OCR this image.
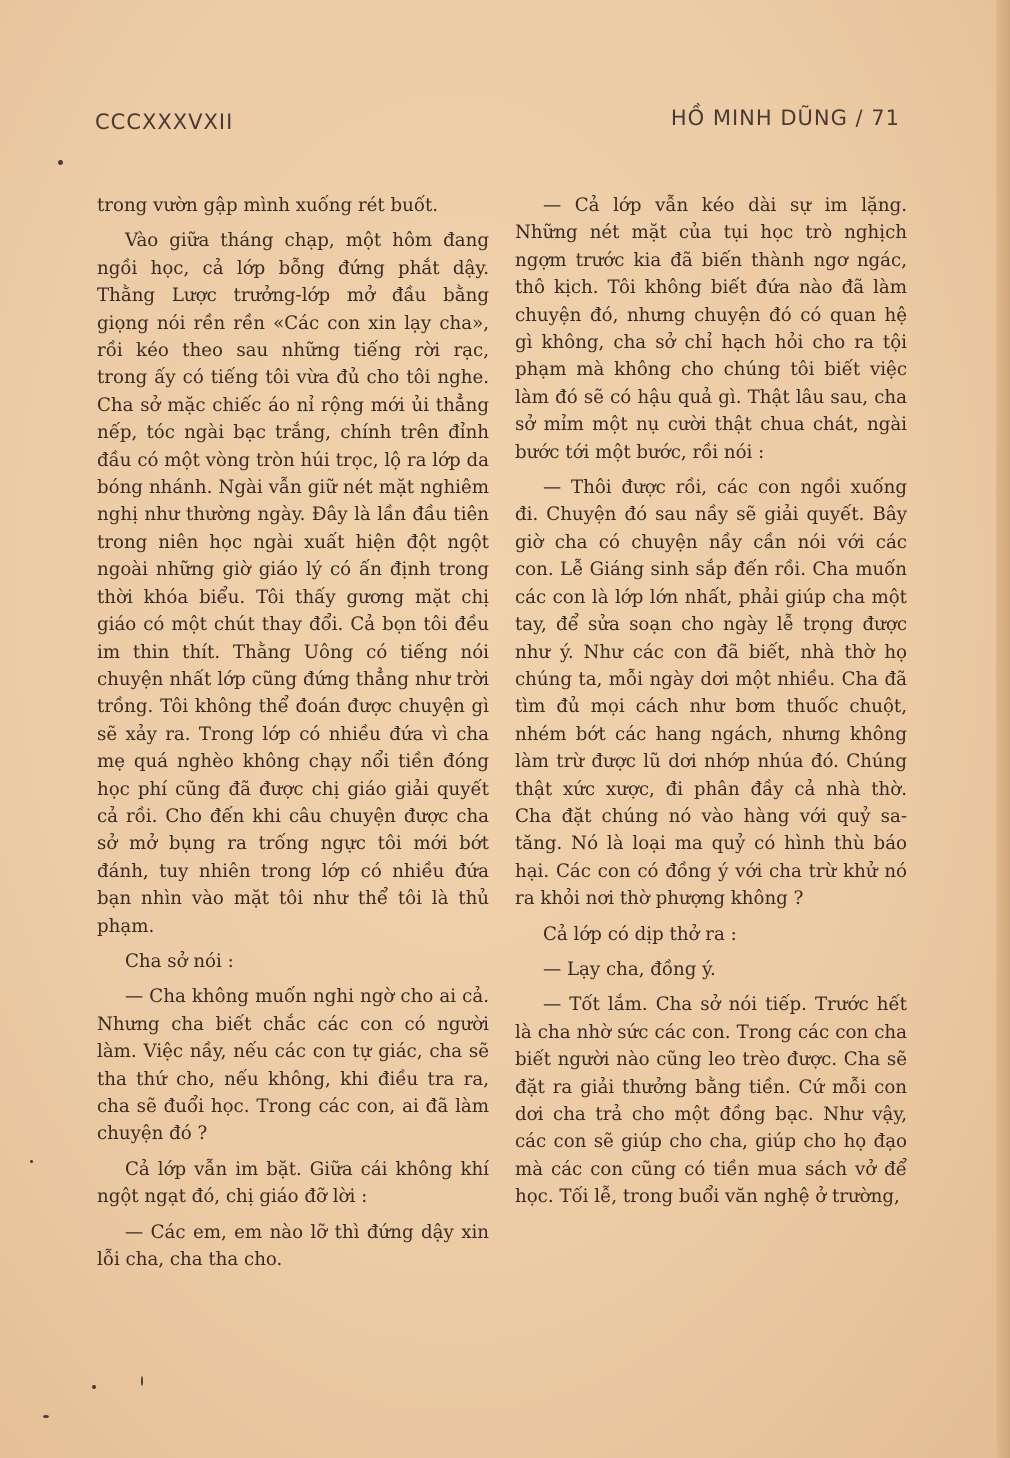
CCCXXXVXII	HỒ MINH DŨNG / 71

trong vườn gập mình xuống rét buốt.

Vào giữa tháng chạp, một hôm đang ngồi học, cả lớp bỗng đứng phắt dậy. Thằng Lược trưởng-lớp mở đầu bằng giọng nói rền rền «Các con xin lạy cha», rồi kéo theo sau những tiếng rời rạc, trong ấy có tiếng tôi vừa đủ cho tôi nghe. Cha sở mặc chiếc áo nỉ rộng mới ủi thẳng nếp, tóc ngài bạc trắng, chính trên đỉnh đầu có một vòng tròn húi trọc, lộ ra lớp da bóng nhánh. Ngài vẫn giữ nét mặt nghiêm nghị như thường ngày. Đây là lần đầu tiên trong niên học ngài xuất hiện đột ngột ngoài những giờ giáo lý có ấn định trong thời khóa biểu. Tôi thấy gương mặt chị giáo có một chút thay đổi. Cả bọn tôi đều im thin thít. Thằng Uông có tiếng nói chuyện nhất lớp cũng đứng thẳng như trời trồng. Tôi không thể đoán được chuyện gì sẽ xảy ra. Trong lớp có nhiều đứa vì cha mẹ quá nghèo không chạy nổi tiền đóng học phí cũng đã được chị giáo giải quyết cả rồi. Cho đến khi câu chuyện được cha sở mở bụng ra trống ngực tôi mới bớt đánh, tuy nhiên trong lớp có nhiều đứa bạn nhìn vào mặt tôi như thể tôi là thủ phạm.

Cha sở nói :

— Cha không muốn nghi ngờ cho ai cả. Nhưng cha biết chắc các con có người làm. Việc nầy, nếu các con tự giác, cha sẽ tha thứ cho, nếu không, khi điều tra ra, cha sẽ đuổi học. Trong các con, ai đã làm chuyện đó ?

Cả lớp vẫn im bặt. Giữa cái không khí ngột ngạt đó, chị giáo đỡ lời :

— Các em, em nào lỡ thì đứng dậy xin lỗi cha, cha tha cho.

— Cả lớp vẫn kéo dài sự im lặng. Những nét mặt của tụi học trò nghịch ngợm trước kia đã biến thành ngơ ngác, thô kịch. Tôi không biết đứa nào đã làm chuyện đó, nhưng chuyện đó có quan hệ gì không, cha sở chỉ hạch hỏi cho ra tội phạm mà không cho chúng tôi biết việc làm đó sẽ có hậu quả gì. Thật lâu sau, cha sở mỉm một nụ cười thật chua chát, ngài bước tới một bước, rồi nói :

— Thôi được rồi, các con ngồi xuống đi. Chuyện đó sau nầy sẽ giải quyết. Bây giờ cha có chuyện nầy cần nói với các con. Lễ Giáng sinh sắp đến rồi. Cha muốn các con là lớp lớn nhất, phải giúp cha một tay, để sửa soạn cho ngày lễ trọng được như ý. Như các con đã biết, nhà thờ họ chúng ta, mỗi ngày dơi một nhiều. Cha đã tìm đủ mọi cách như bơm thuốc chuột, nhém bớt các hang ngách, nhưng không làm trừ được lũ dơi nhớp nhúa đó. Chúng thật xức xược, đi phân đầy cả nhà thờ. Cha đặt chúng nó vào hàng với quỷ sa-tăng. Nó là loại ma quỷ có hình thù báo hại. Các con có đồng ý với cha trừ khử nó ra khỏi nơi thờ phượng không ?

Cả lớp có dịp thở ra :

— Lạy cha, đồng ý.

— Tốt lắm. Cha sở nói tiếp. Trước hết là cha nhờ sức các con. Trong các con cha biết người nào cũng leo trèo được. Cha sẽ đặt ra giải thưởng bằng tiền. Cứ mỗi con dơi cha trả cho một đồng bạc. Như vậy, các con sẽ giúp cho cha, giúp cho họ đạo mà các con cũng có tiền mua sách vở để học. Tối lễ, trong buổi văn nghệ ở trường,
